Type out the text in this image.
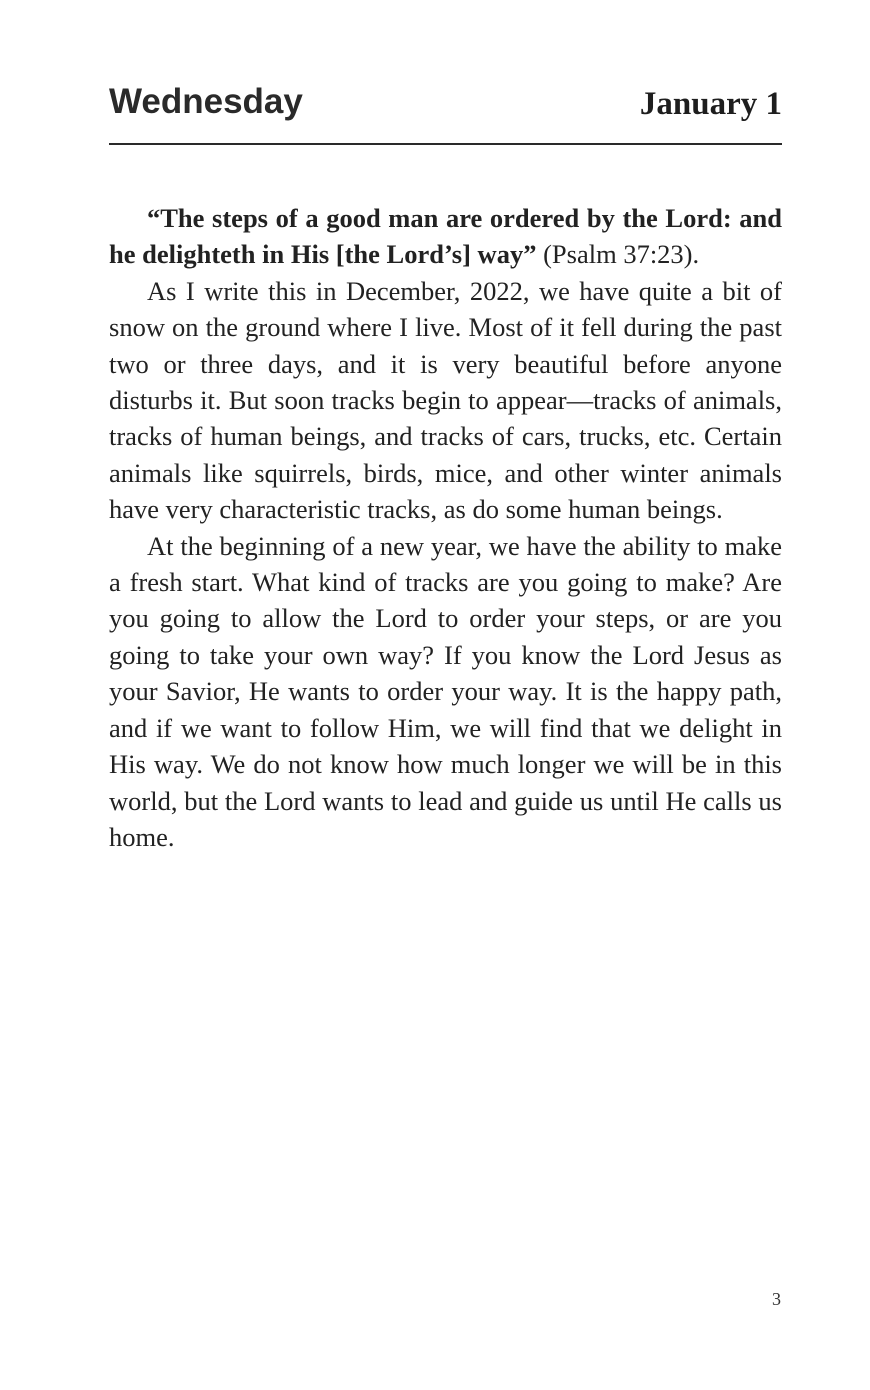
Wednesday	January 1

“The steps of a good man are ordered by the Lord: and he delighteth in His [the Lord’s] way” (Psalm 37:23).

As I write this in December, 2022, we have quite a bit of snow on the ground where I live. Most of it fell during the past two or three days, and it is very beautiful before anyone disturbs it. But soon tracks begin to appear—tracks of animals, tracks of human beings, and tracks of cars, trucks, etc. Certain animals like squirrels, birds, mice, and other winter animals have very characteristic tracks, as do some human beings.

At the beginning of a new year, we have the ability to make a fresh start. What kind of tracks are you going to make? Are you going to allow the Lord to order your steps, or are you going to take your own way? If you know the Lord Jesus as your Savior, He wants to order your way. It is the happy path, and if we want to follow Him, we will find that we delight in His way. We do not know how much longer we will be in this world, but the Lord wants to lead and guide us until He calls us home.

3
